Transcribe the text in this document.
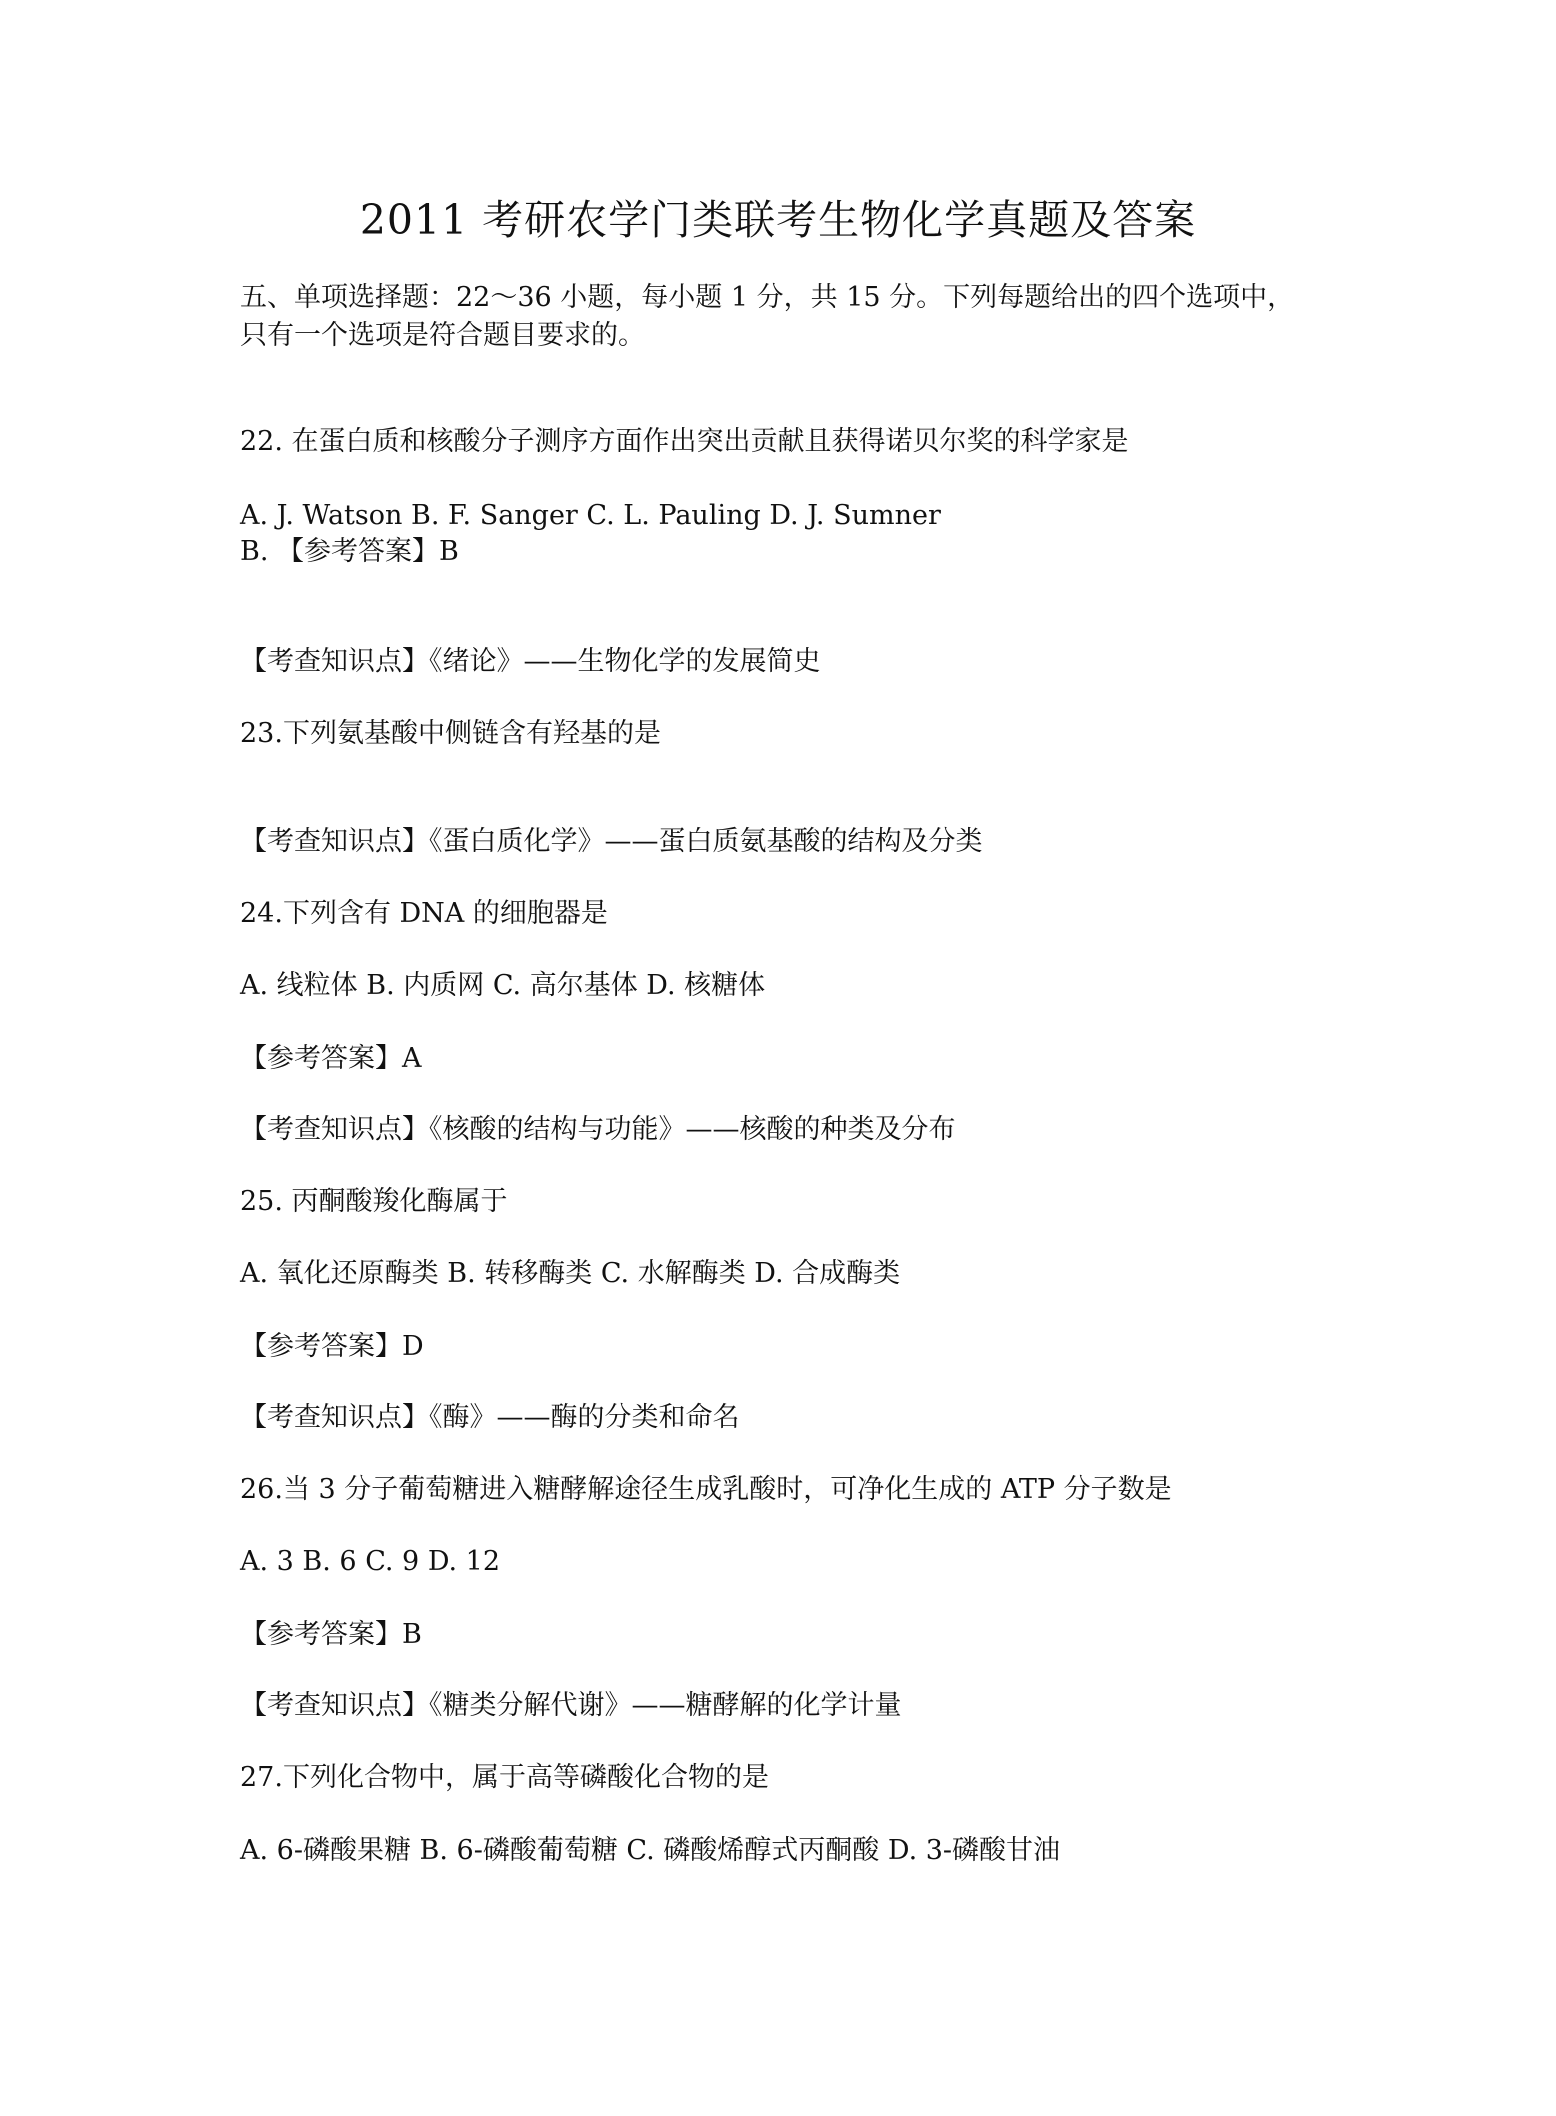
2011 考研农学门类联考生物化学真题及答案

五、单项选择题：22～36 小题，每小题 1 分，共 15 分。下列每题给出的四个选项中，

只有一个选项是符合题目要求的。

22. 在蛋白质和核酸分子测序方面作出突出贡献且获得诺贝尔奖的科学家是

A. J. Watson B. F. Sanger C. L. Pauling D. J. Sumner

B. 【参考答案】B

【考查知识点】《绪论》——生物化学的发展简史

23.下列氨基酸中侧链含有羟基的是

【考查知识点】《蛋白质化学》——蛋白质氨基酸的结构及分类

24.下列含有 DNA 的细胞器是

A. 线粒体 B. 内质网 C. 高尔基体 D. 核糖体

【参考答案】A

【考查知识点】《核酸的结构与功能》——核酸的种类及分布

25. 丙酮酸羧化酶属于

A. 氧化还原酶类 B. 转移酶类 C. 水解酶类 D. 合成酶类

【参考答案】D

【考查知识点】《酶》——酶的分类和命名

26.当 3 分子葡萄糖进入糖酵解途径生成乳酸时，可净化生成的 ATP 分子数是

A. 3 B. 6 C. 9 D. 12

【参考答案】B

【考查知识点】《糖类分解代谢》——糖酵解的化学计量

27.下列化合物中，属于高等磷酸化合物的是

A. 6-磷酸果糖 B. 6-磷酸葡萄糖 C. 磷酸烯醇式丙酮酸 D. 3-磷酸甘油
